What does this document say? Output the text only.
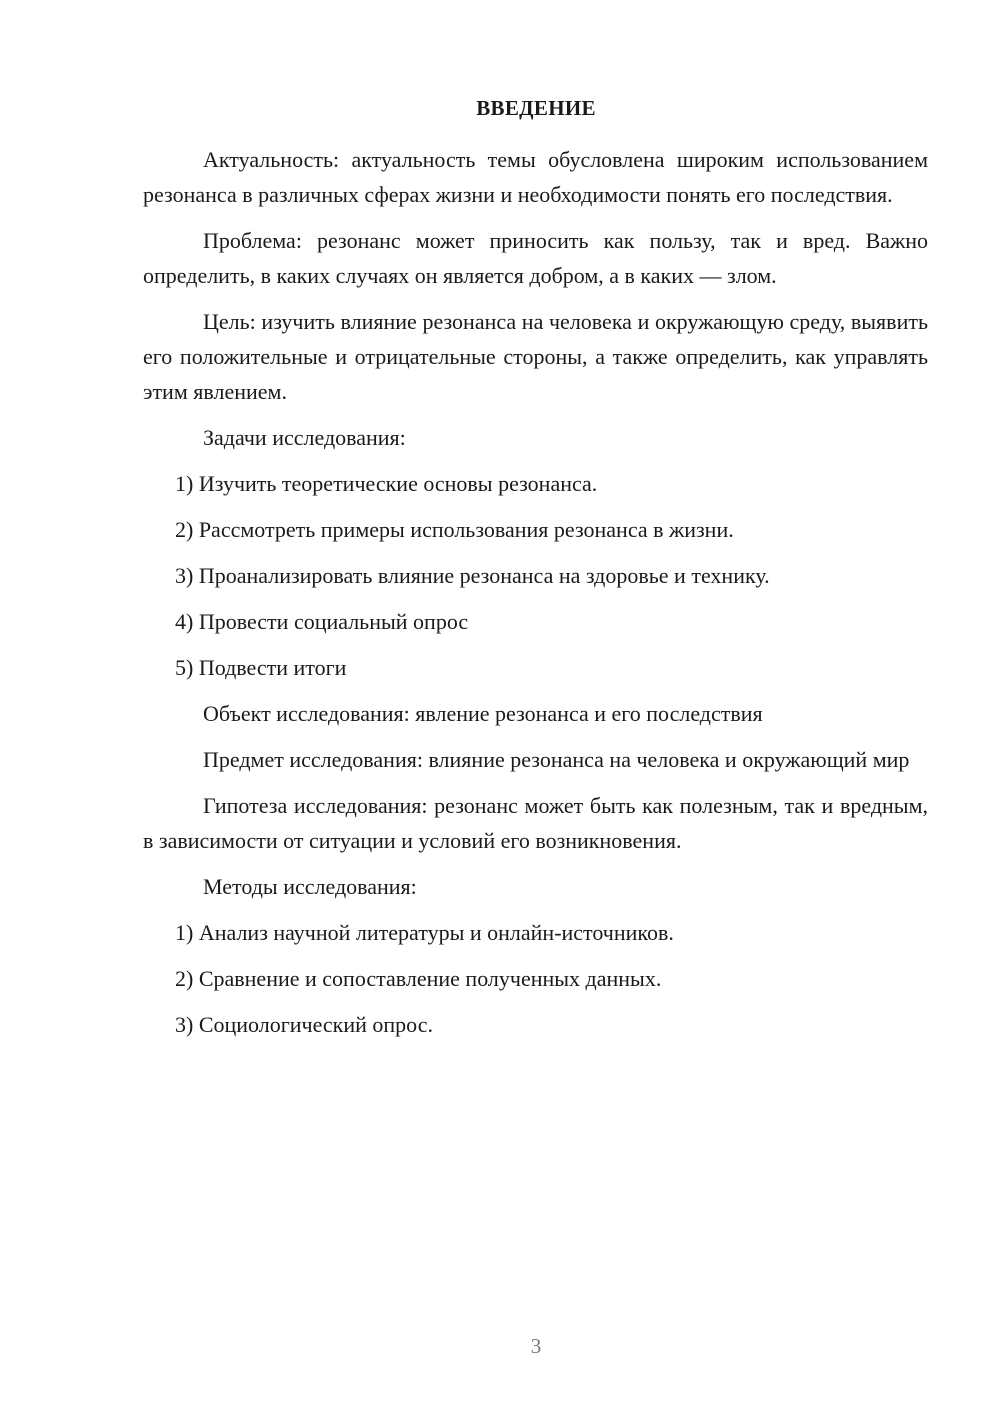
ВВЕДЕНИЕ

Актуальность: актуальность темы обусловлена широким использованием резонанса в различных сферах жизни и необходимости понять его последствия.

Проблема: резонанс может приносить как пользу, так и вред. Важно определить, в каких случаях он является добром, а в каких — злом.

Цель: изучить влияние резонанса на человека и окружающую среду, выявить его положительные и отрицательные стороны, а также определить, как управлять этим явлением.

Задачи исследования:

1) Изучить теоретические основы резонанса.
2) Рассмотреть примеры использования резонанса в жизни.
3) Проанализировать влияние резонанса на здоровье и технику.
4) Провести социальный опрос
5) Подвести итоги

Объект исследования: явление резонанса и его последствия

Предмет исследования: влияние резонанса на человека и окружающий мир

Гипотеза исследования: резонанс может быть как полезным, так и вредным, в зависимости от ситуации и условий его возникновения.

Методы исследования:

1) Анализ научной литературы и онлайн-источников.
2) Сравнение и сопоставление полученных данных.
3) Социологический опрос.
3
